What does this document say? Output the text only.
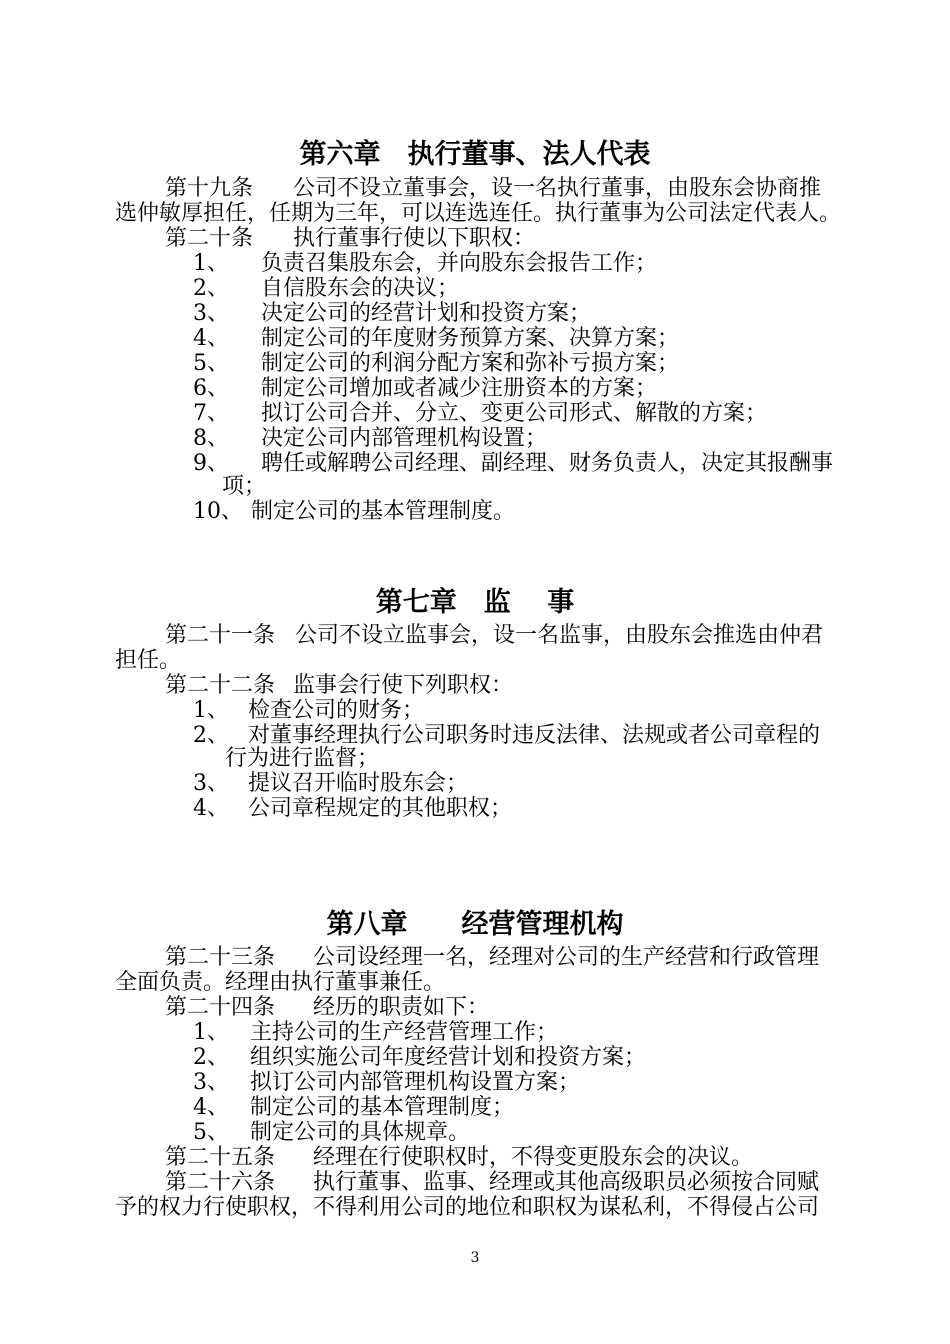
第六章　执行董事、法人代表
第十九条 公司不设立董事会，设一名执行董事，由股东会协商推
选仲敏厚担任，任期为三年，可以连选连任。执行董事为公司法定代表人。
第二十条 执行董事行使以下职权：
1、 负责召集股东会，并向股东会报告工作；
2、 自信股东会的决议；
3、 决定公司的经营计划和投资方案；
4、 制定公司的年度财务预算方案、决算方案；
5、 制定公司的利润分配方案和弥补亏损方案；
6、 制定公司增加或者减少注册资本的方案；
7、 拟订公司合并、分立、变更公司形式、解散的方案；
8、 决定公司内部管理机构设置；
9、 聘任或解聘公司经理、副经理、财务负责人，决定其报酬事
项；
10、 制定公司的基本管理制度。
第七章　监　 事
第二十一条 公司不设立监事会，设一名监事，由股东会推选由仲君
担任。
第二十二条 监事会行使下列职权：
1、 检查公司的财务；
2、 对董事经理执行公司职务时违反法律、法规或者公司章程的
行为进行监督；
3、 提议召开临时股东会；
4、 公司章程规定的其他职权；
第八章　　经营管理机构
第二十三条 公司设经理一名，经理对公司的生产经营和行政管理
全面负责。经理由执行董事兼任。
第二十四条 经历的职责如下：
1、 主持公司的生产经营管理工作；
2、 组织实施公司年度经营计划和投资方案；
3、 拟订公司内部管理机构设置方案；
4、 制定公司的基本管理制度；
5、 制定公司的具体规章。
第二十五条 经理在行使职权时，不得变更股东会的决议。
第二十六条 执行董事、监事、经理或其他高级职员必须按合同赋
予的权力行使职权，不得利用公司的地位和职权为谋私利，不得侵占公司
3
